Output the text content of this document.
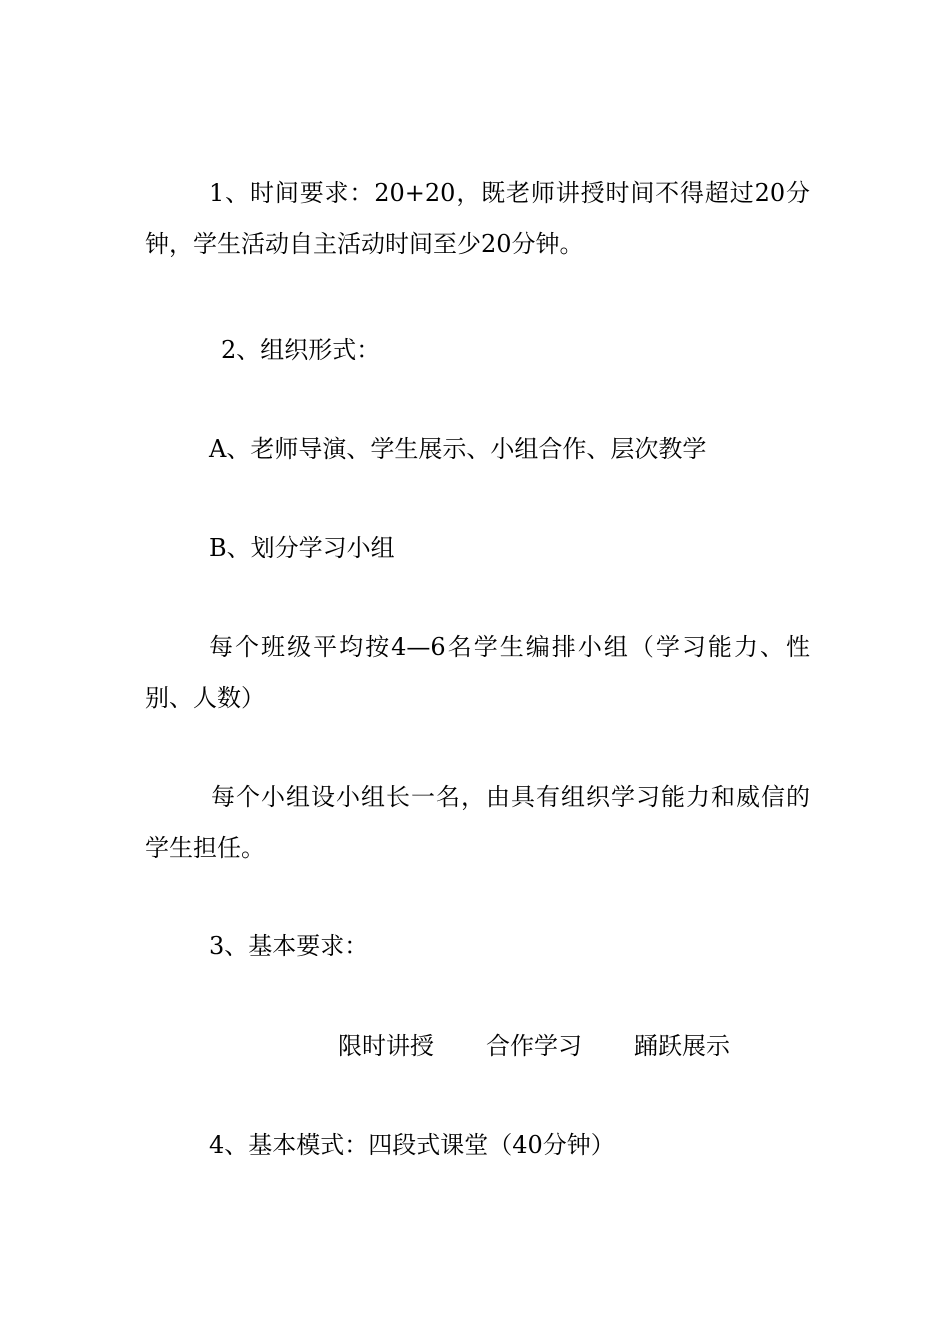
1、时间要求：20+20，既老师讲授时间不得超过20分钟，学生活动自主活动时间至少20分钟。

2、组织形式：

A、老师导演、学生展示、小组合作、层次教学

B、划分学习小组

每个班级平均按4—6名学生编排小组（学习能力、性别、人数）

每个小组设小组长一名，由具有组织学习能力和威信的学生担任。

3、基本要求：

限时讲授 合作学习 踊跃展示

4、基本模式：四段式课堂（40分钟）
